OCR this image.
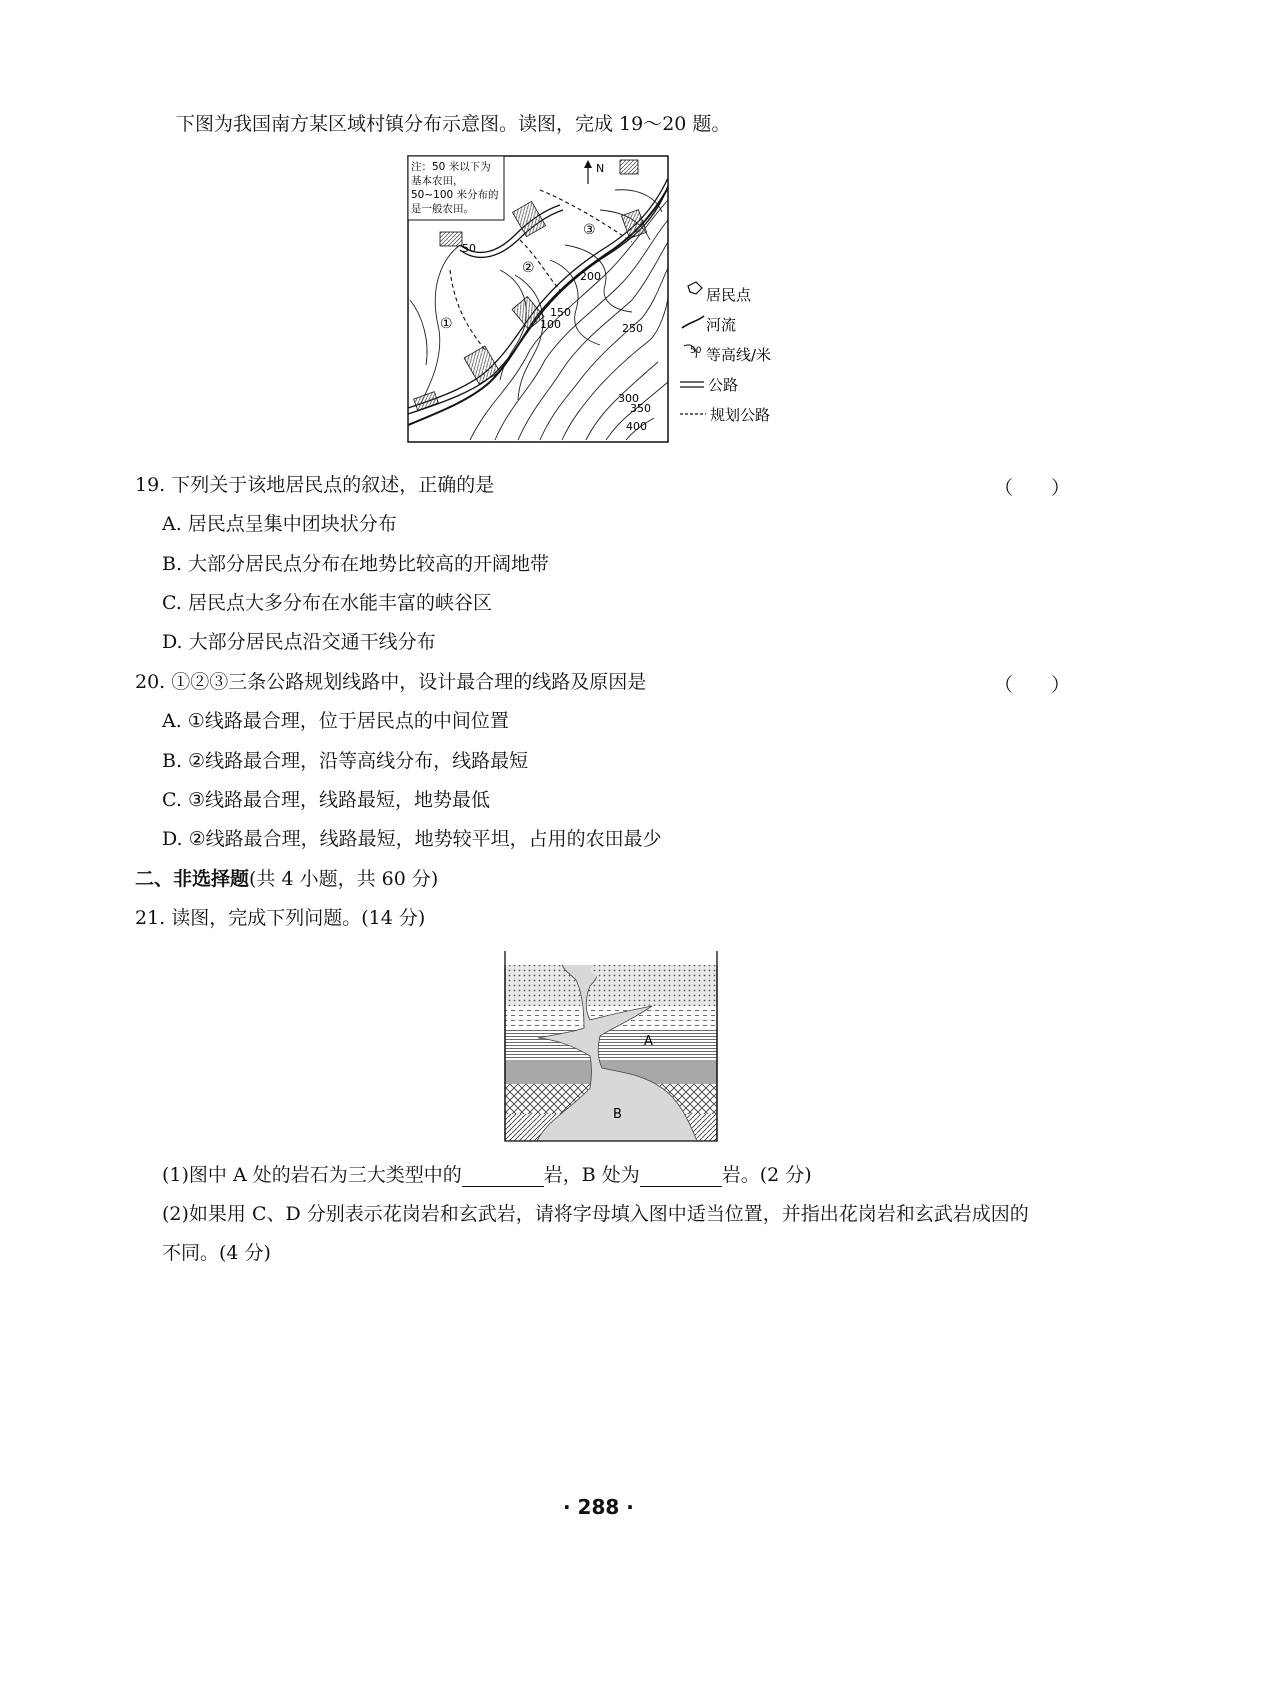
下图为我国南方某区域村镇分布示意图。读图，完成 19～20 题。
注：50 米以下为
基本农田，
50~100 米分布的
是一般农田。
N
①
②
③
50
100
150
200
250
300
350
400
居民点
河流
50 等高线/米
公路
规划公路
19. 下列关于该地居民点的叙述，正确的是	（　　）
A. 居民点呈集中团块状分布
B. 大部分居民点分布在地势比较高的开阔地带
C. 居民点大多分布在水能丰富的峡谷区
D. 大部分居民点沿交通干线分布
20. ①②③三条公路规划线路中，设计最合理的线路及原因是	（　　）
A. ①线路最合理，位于居民点的中间位置
B. ②线路最合理，沿等高线分布，线路最短
C. ③线路最合理，线路最短，地势最低
D. ②线路最合理，线路最短，地势较平坦，占用的农田最少
二、非选择题(共 4 小题，共 60 分)
21. 读图，完成下列问题。(14 分)
A
B
(1)图中 A 处的岩石为三大类型中的	岩，B 处为	岩。(2 分)
(2)如果用 C、D 分别表示花岗岩和玄武岩，请将字母填入图中适当位置，并指出花岗岩和玄武岩成因的
不同。(4 分)
· 288 ·
